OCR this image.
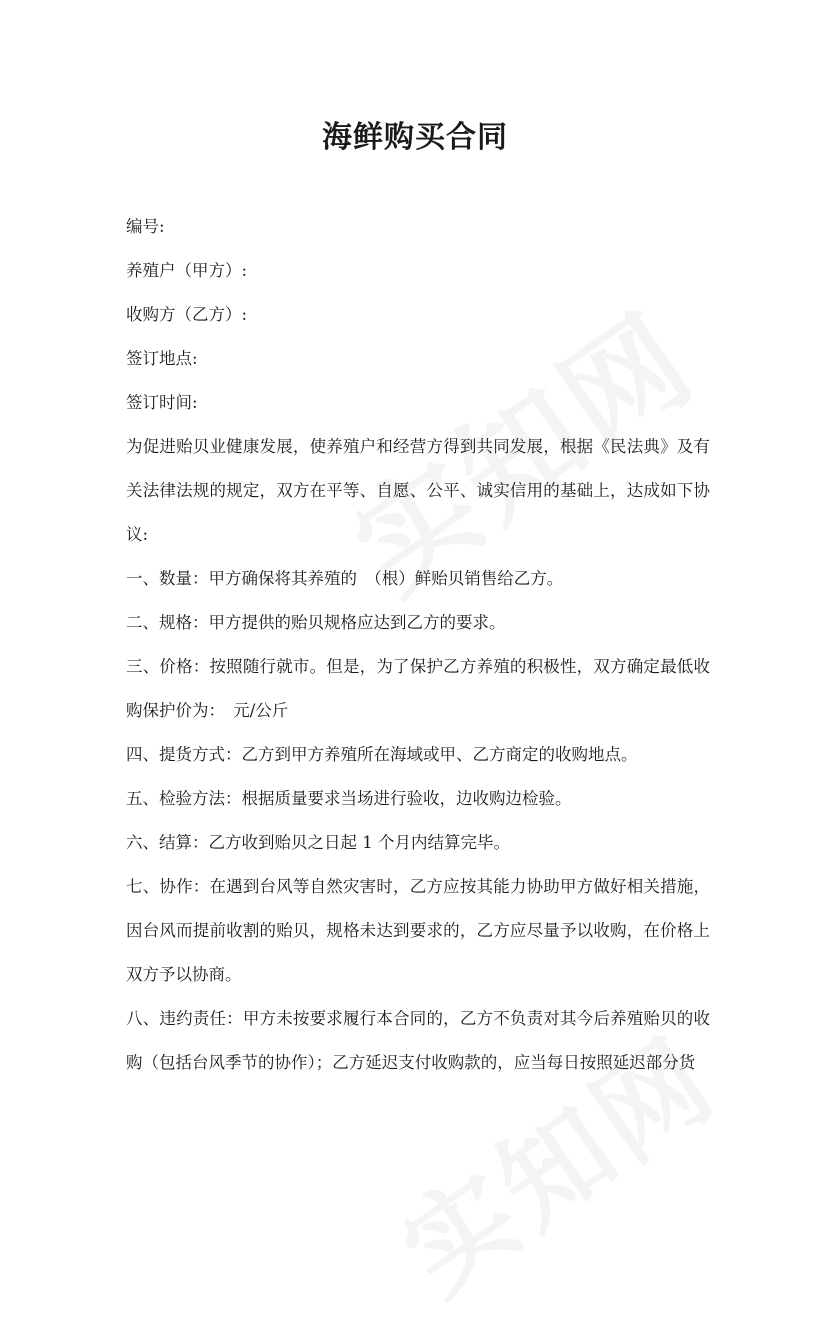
海鲜购买合同

编号:

养殖户（甲方）:

收购方（乙方）:

签订地点:

签订时间:

为促进贻贝业健康发展，使养殖户和经营方得到共同发展，根据《民法典》及有关法律法规的规定，双方在平等、自愿、公平、诚实信用的基础上，达成如下协议:

一、数量：甲方确保将其养殖的　（根）鲜贻贝销售给乙方。

二、规格：甲方提供的贻贝规格应达到乙方的要求。

三、价格：按照随行就市。但是，为了保护乙方养殖的积极性，双方确定最低收购保护价为：　元/公斤

四、提货方式：乙方到甲方养殖所在海域或甲、乙方商定的收购地点。

五、检验方法：根据质量要求当场进行验收，边收购边检验。

六、结算：乙方收到贻贝之日起 1 个月内结算完毕。

七、协作：在遇到台风等自然灾害时，乙方应按其能力协助甲方做好相关措施，因台风而提前收割的贻贝，规格未达到要求的，乙方应尽量予以收购，在价格上双方予以协商。

八、违约责任：甲方未按要求履行本合同的，乙方不负责对其今后养殖贻贝的收购（包括台风季节的协作）；乙方延迟支付收购款的，应当每日按照延迟部分货
